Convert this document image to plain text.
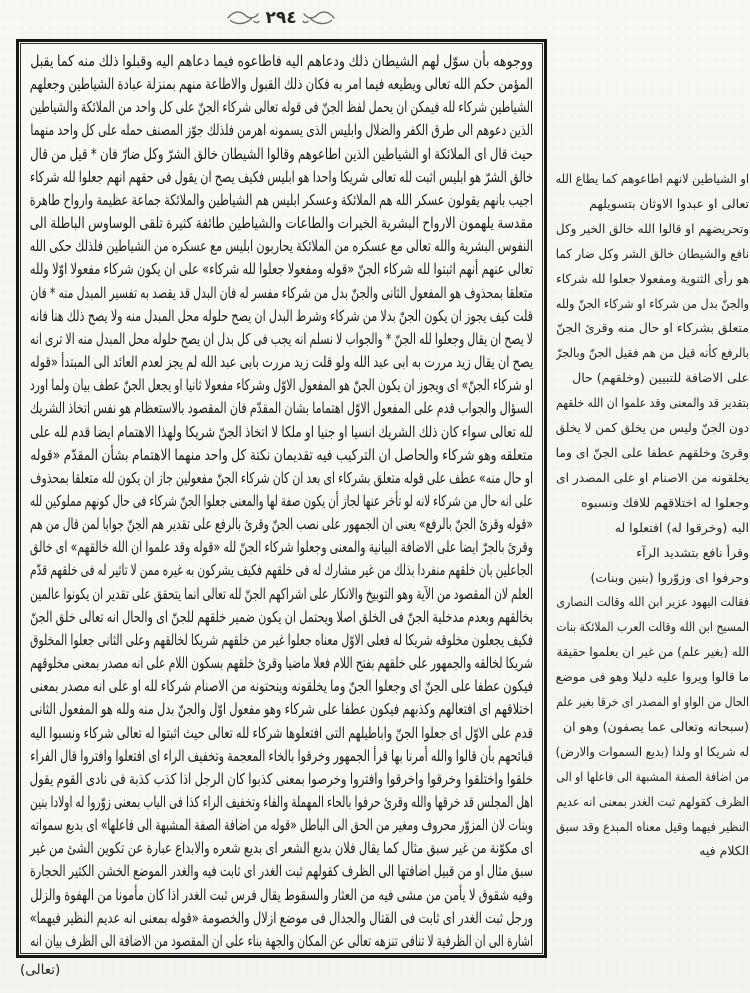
٢٩٤
ووجوهه بأن سوّل لهم الشيطان ذلك ودعاهم اليه فاطاعوه فيما دعاهم اليه وقبلوا ذلك منه كما يقبل
المؤمن حكم الله تعالى ويطيعه فيما امر به فكان ذلك القبول والاطاعة منهم بمنزلة عبادة الشياطين وجعلهم
الشياطين شركاء لله فيمكن ان يحمل لفظ الجنّ فى قوله تعالى شركاء الجنّ على كل واحد من الملائكة والشياطين
الذين دعوهم الى طرق الكفر والضلال وابليس الذى يسمونه اهرمن فلذلك جوّز المصنف حمله على كل واحد منهما
حيث قال اى الملائكة او الشياطين الذين اطاعوهم وقالوا الشيطان خالق الشرّ وكل ضارّ فان * قيل من قال
خالق الشرّ هو ابليس اثبت لله تعالى شريكا واحدا هو ابليس فكيف يصح ان يقول فى حقهم انهم جعلوا لله شركاء
اجيب بانهم يقولون عسكر الله هم الملائكة وعسكر ابليس هم الشياطين والملائكة جماعة عظيمة وارواح طاهرة
مقدسة يلهمون الارواح البشرية الخيرات والطاعات والشياطين طائفة كثيرة تلقى الوساوس الباطلة الى
النفوس البشرية والله تعالى مع عسكره من الملائكة يحاربون ابليس مع عسكره من الشياطين فلذلك حكى الله
تعالى عنهم أنهم اثبتوا لله شركاء الجنّ «قوله ومفعولا جعلوا لله شركاء» على ان يكون شركاء مفعولا اوّلا ولله
متعلقا بمحذوف هو المفعول الثانى والجنّ بدل من شركاء مفسر له فان البدل قد يقصد به تفسير المبدل منه * فان
قلت كيف يجوز ان يكون الجنّ بدلا من شركاء وشرط البدل ان يصح حلوله محل المبدل منه ولا يصح ذلك هنا فانه
لا يصح ان يقال وجعلوا لله الجنّ * والجواب لا نسلم انه يجب فى كل بدل ان يصح حلوله محل المبدل منه الا ترى انه
يصح ان يقال زيد مررت به ابى عبد الله ولو قلت زيد مررت بابى عبد الله لم يجز لعدم العائد الى المبتدأ «قوله
او شركاء الجنّ» اى ويجوز ان يكون الجنّ هو المفعول الاوّل وشركاء مفعولا ثانيا او يجعل الجنّ عطف بيان ولما اورد
السؤال والجواب قدم على المفعول الاوّل اهتماما بشان المقدّم فان المقصود بالاستعظام هو نفس اتخاذ الشريك
لله تعالى سواء كان ذلك الشريك انسيا او جنيا او ملكا لا اتخاذ الجنّ شريكا ولهذا الاهتمام ايضا قدم لله على
متعلقه وهو شركاء والحاصل ان التركيب فيه تقديمان نكتة كل واحد منهما الاهتمام بشأن المقدّم «قوله
او حال منه» عطف على قوله متعلق بشركاء اى بعد ان كان شركاء الجنّ مفعولين جاز ان يكون لله متعلقا بمحذوف
على انه حال من شركاء لانه لو تأخر عنها لجاز أن يكون صفة لها والمعنى جعلوا الجنّ شركاء فى حال كونهم مملوكين لله
«قوله وقرئ الجنّ بالرفع» يعنى ان الجمهور على نصب الجنّ وقرئ بالرفع على تقدير هم الجنّ جوابا لمن قال من هم
وقرئ بالجرّ ايضا على الاضافة البيانية والمعنى وجعلوا شركاء الجنّ لله «قوله وقد علموا ان الله خالقهم» اى خالق
الجاعلين بان خلقهم منفردا بذلك من غير مشارك له فى خلقهم فكيف يشركون به غيره ممن لا تاثير له فى خلقهم قدّم
العلم لان المقصود من الآية وهو التوبيخ والانكار على اشراكهم الجنّ لله تعالى انما يتحقق على تقدير ان يكونوا عالمين
بخالقهم وبعدم مدخلية الجنّ فى الخلق اصلا ويحتمل ان يكون ضمير خلقهم للجنّ اى والحال انه تعالى خلق الجنّ
فكيف يجعلون مخلوقه شريكا له فعلى الاوّل معناه جعلوا غير من خلقهم شريكا لخالقهم وعلى الثانى جعلوا المخلوق
شريكا لخالقه والجمهور على خلقهم بفتح اللام فعلا ماضيا وقرئ خلقهم بسكون اللام على انه مصدر بمعنى مخلوقهم
فيكون عطفا على الجنّ اى وجعلوا الجنّ وما يخلقونه وينحتونه من الاصنام شركاء لله او على انه مصدر بمعنى
اختلاقهم اى افتعالهم وكذبهم فيكون عطفا على شركاء وهو مفعول اوّل والجنّ بدل منه ولله هو المفعول الثانى
قدم على الاوّل اى جعلوا الجنّ واباطيلهم التى افتعلوها شركاء لله تعالى حيث اثبتوا له تعالى شركاء ونسبوا اليه
قبائحهم بأن قالوا والله أمرنا بها قرأ الجمهور وخرقوا بالخاء المعجمة وتخفيف الراء اى افتعلوا وافتروا قال الفراء
خلقوا واختلقوا وخرقوا واخرقوا وافتروا وخرصوا بمعنى كذبوا كان الرجل اذا كذب كذبة فى نادى القوم يقول
اهل المجلس قد خرقها والله وقرئ حرفوا بالحاء المهملة والفاء وتخفيف الراء كذا فى الباب بمعنى زوّروا له اولادا بنين
وبنات لان المزوّر محروف ومغير من الحق الى الباطل «قوله من اضافة الصفة المشبهة الى فاعلها» اى بديع سمواته
اى مكوّنة من غير سبق مثال كما يقال فلان بديع الشعر اى بديع شعره والابداع عبارة عن تكوين الشئ من غير
سبق مثال او من قبيل اضافتها الى الظرف كقولهم ثبت الغدر اى ثابت فيه والغدر الموضع الخشن الكثير الحجارة
وفيه شقوق لا يأمن من مشى فيه من العثار والسقوط يقال فرس ثبت الغدر اذا كان مأمونا من الهفوة والزلل
ورجل ثبت الغدر اى ثابت فى القتال والجدال فى موضع ازلال والخصومة «قوله بمعنى انه عديم النظير فيهما»
اشارة الى ان الظرفية لا تنافى تنزهه تعالى عن المكان والجهة بناء على ان المقصود من الاضافة الى الظرف بيان انه
او الشياطين لانهم اطاعوهم كما يطاع الله
تعالى او عبدوا الاوثان بتسويلهم
وتحريضهم او قالوا الله خالق الخير وكل
نافع والشيطان خالق الشر وكل ضار كما
هو رأى الثنوية ومفعولا جعلوا لله شركاء
والجنّ بدل من شركاء او شركاء الجنّ ولله
متعلق بشركاء او حال منه وقرئ الجنّ
بالرفع كأنه قيل من هم فقيل الجنّ وبالجرّ
على الاضافة للتبيين (وخلقهم) حال
بتقدير قد والمعنى وقد علموا ان الله خلقهم
دون الجنّ وليس من يخلق كمن لا يخلق
وقرئ وخلقهم عطفا على الجنّ اى وما
يخلقونه من الاصنام او على المصدر اى
وجعلوا له اختلاقهم للافك ونسبوه
اليه (وخرقوا له) افتعلوا له
وقرأ نافع بتشديد الرآء
وحرفوا اى وزوّروا (بنين وبنات)
فقالت اليهود عزير ابن الله وقالت النصارى
المسيح ابن الله وقالت العرب الملائكة بنات
الله (بغير علم) من غير ان يعلموا حقيقة
ما قالوا ويروا عليه دليلا وهو فى موضع
الحال من الواو او المصدر اى خرقا بغير علم
(سبحانه وتعالى عما يصفون) وهو ان
له شريكا او ولدا (بديع السموات والارض)
من اضافة الصفة المشبهة الى فاعلها او الى
الظرف كقولهم ثبت الغدر بمعنى انه عديم
النظير فيهما وقيل معناه المبدع وقد سبق
الكلام فيه
(تعالى)
